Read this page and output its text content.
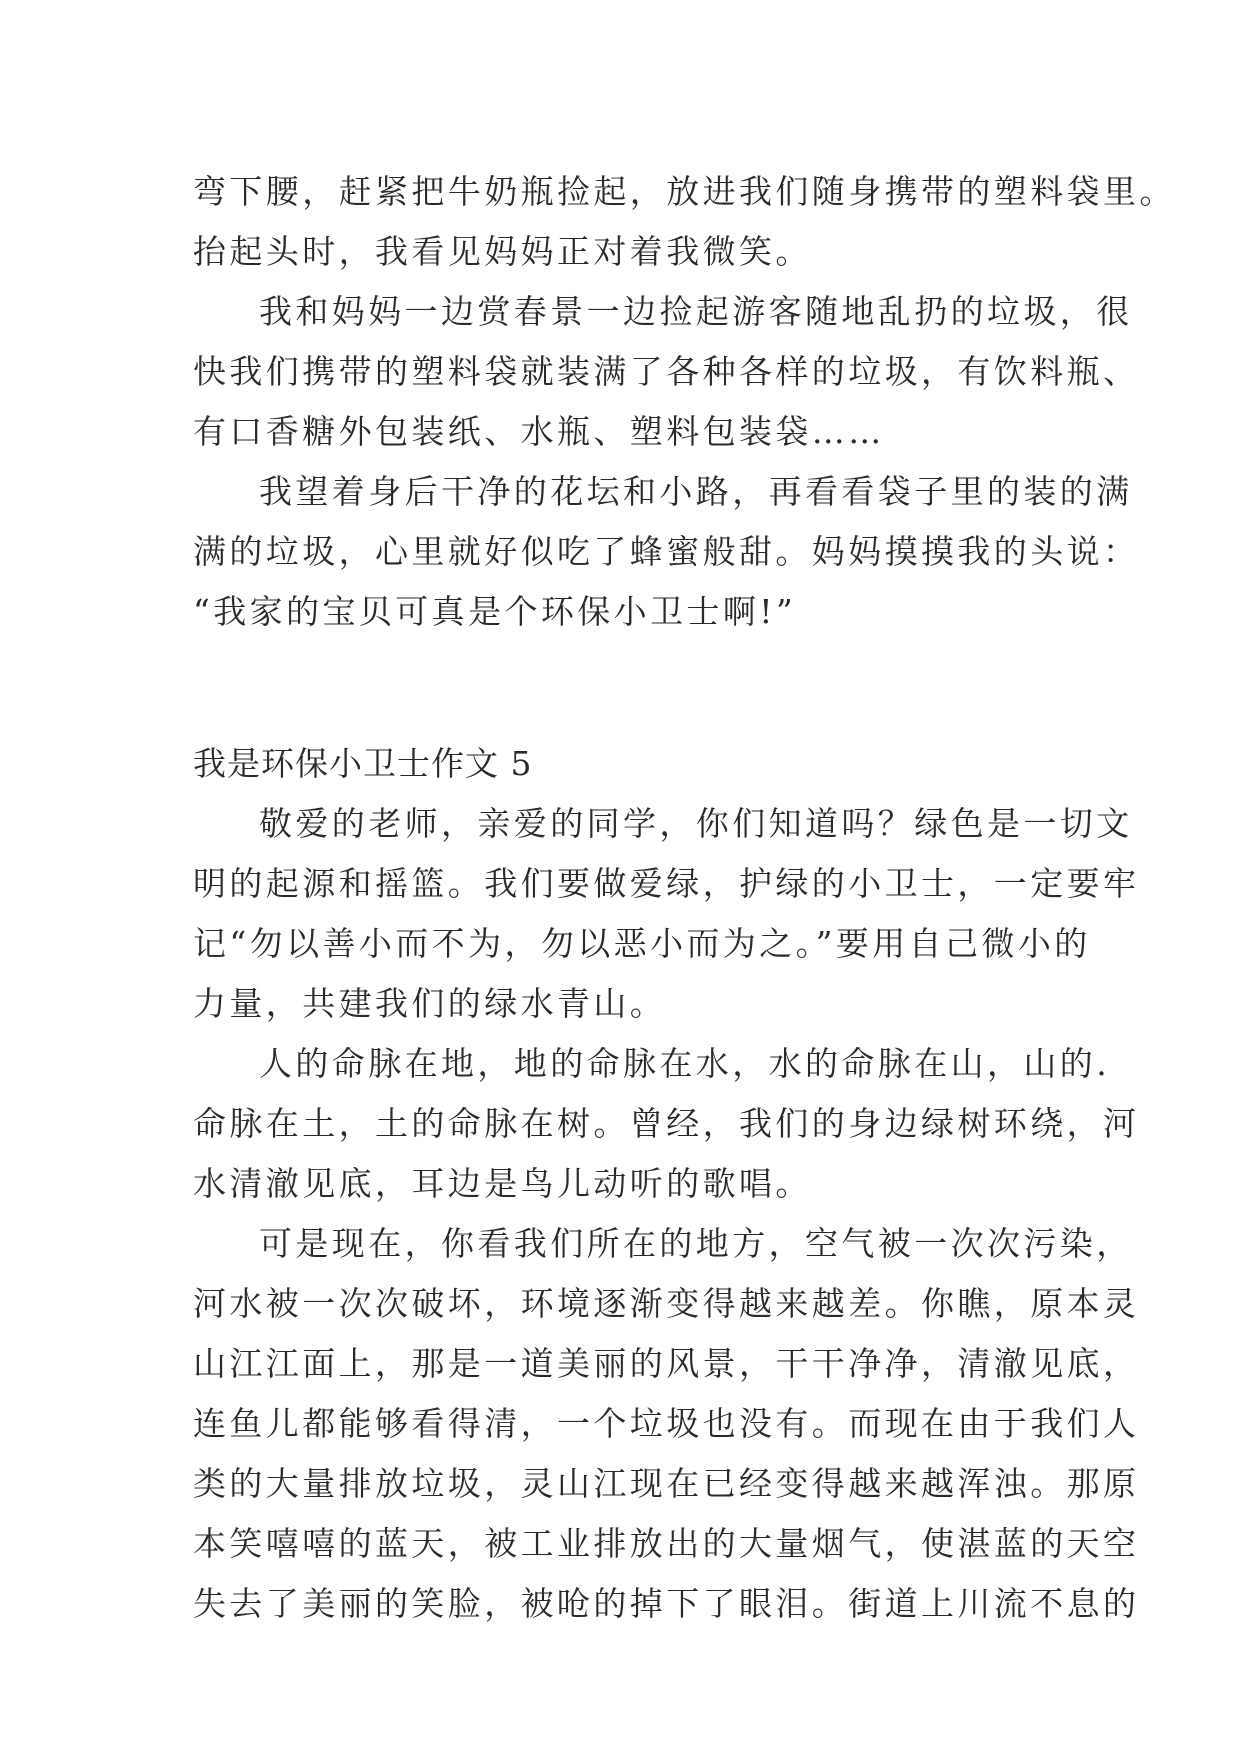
弯下腰，赶紧把牛奶瓶捡起，放进我们随身携带的塑料袋里。
抬起头时，我看见妈妈正对着我微笑。
我和妈妈一边赏春景一边捡起游客随地乱扔的垃圾，很
快我们携带的塑料袋就装满了各种各样的垃圾，有饮料瓶、
有口香糖外包装纸、水瓶、塑料包装袋……
我望着身后干净的花坛和小路，再看看袋子里的装的满
满的垃圾，心里就好似吃了蜂蜜般甜。妈妈摸摸我的头说：
“我家的宝贝可真是个环保小卫士啊!”
我是环保小卫士作文 5
敬爱的老师，亲爱的同学，你们知道吗？绿色是一切文
明的起源和摇篮。我们要做爱绿，护绿的小卫士，一定要牢
记“勿以善小而不为，勿以恶小而为之。”要用自己微小的
力量，共建我们的绿水青山。
人的命脉在地，地的命脉在水，水的命脉在山，山的.
命脉在土，土的命脉在树。曾经，我们的身边绿树环绕，河
水清澈见底，耳边是鸟儿动听的歌唱。
可是现在，你看我们所在的地方，空气被一次次污染，
河水被一次次破坏，环境逐渐变得越来越差。你瞧，原本灵
山江江面上，那是一道美丽的风景，干干净净，清澈见底，
连鱼儿都能够看得清，一个垃圾也没有。而现在由于我们人
类的大量排放垃圾，灵山江现在已经变得越来越浑浊。那原
本笑嘻嘻的蓝天，被工业排放出的大量烟气，使湛蓝的天空
失去了美丽的笑脸，被呛的掉下了眼泪。街道上川流不息的
